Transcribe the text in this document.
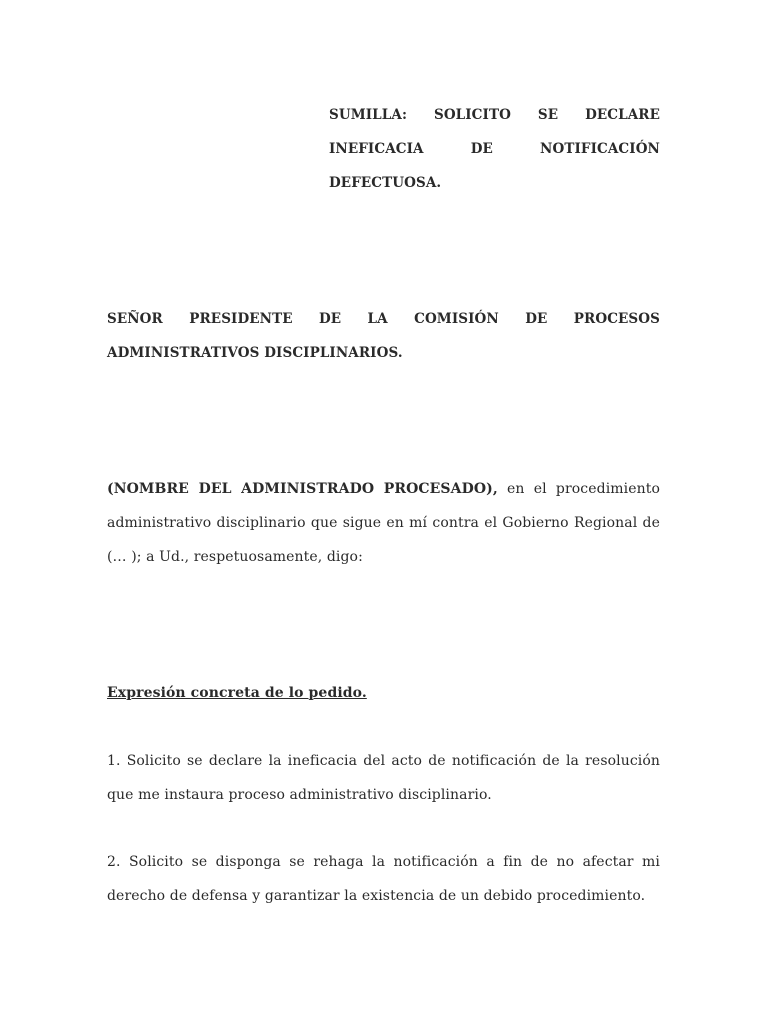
SUMILLA: SOLICITO SE DECLARE INEFICACIA DE NOTIFICACIÓN DEFECTUOSA.
SEÑOR PRESIDENTE DE LA COMISIÓN DE PROCESOS ADMINISTRATIVOS DISCIPLINARIOS.
(NOMBRE DEL ADMINISTRADO PROCESADO), en el procedimiento administrativo disciplinario que sigue en mí contra el Gobierno Regional de (… ); a Ud., respetuosamente, digo:
Expresión concreta de lo pedido.
1. Solicito se declare la ineficacia del acto de notificación de la resolución que me instaura proceso administrativo disciplinario.
2. Solicito se disponga se rehaga la notificación a fin de no afectar mi derecho de defensa y garantizar la existencia de un debido procedimiento.
